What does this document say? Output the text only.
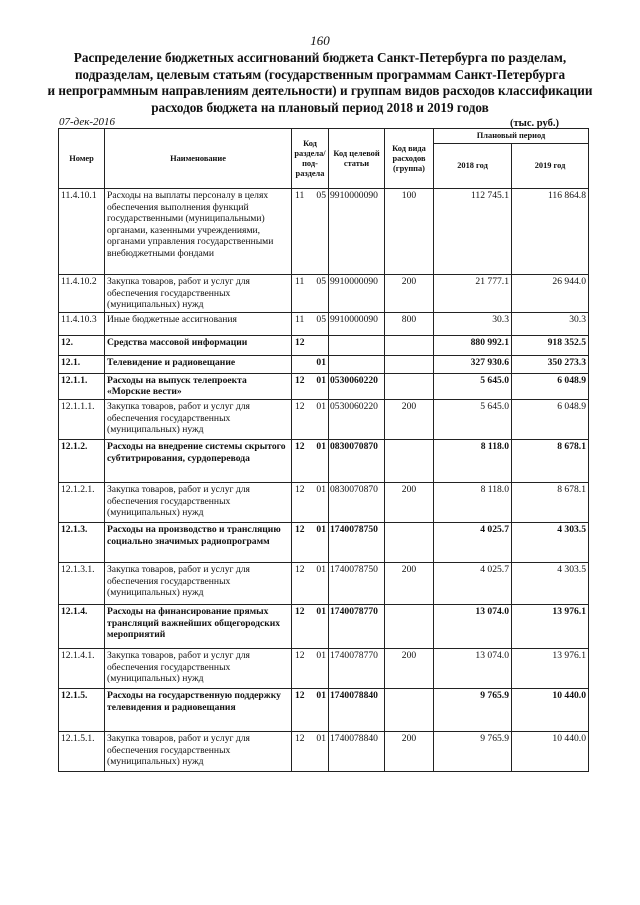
160
Распределение бюджетных ассигнований бюджета Санкт-Петербурга по разделам,
подразделам, целевым статьям (государственным программам Санкт-Петербурга
и непрограммным направлениям деятельности) и группам видов расходов классификации
расходов бюджета на плановый период 2018 и 2019 годов
07-дек-2016	(тыс. руб.)
Номер	Наименование	Код раздела/под-раздела	Код целевой статьи	Код вида расходов (группа)	Плановый период	
					2018 год	2019 год
11.4.10.1	Расходы на выплаты персоналу в целях обеспечения выполнения функций государственными (муниципальными) органами, казенными учреждениями, органами управления государственными внебюджетными фондами	11 05	9910000090	100	112 745.1	116 864.8
11.4.10.2	Закупка товаров, работ и услуг для обеспечения государственных (муниципальных) нужд	11 05	9910000090	200	21 777.1	26 944.0
11.4.10.3	Иные бюджетные ассигнования	11 05	9910000090	800	30.3	30.3
12.	Средства массовой информации	12			880 992.1	918 352.5
12.1.	Телевидение и радиовещание	01			327 930.6	350 273.3
12.1.1.	Расходы на выпуск телепроекта «Морские вести»	12 01	0530060220		5 645.0	6 048.9
12.1.1.1.	Закупка товаров, работ и услуг для обеспечения государственных (муниципальных) нужд	12 01	0530060220	200	5 645.0	6 048.9
12.1.2.	Расходы на внедрение системы скрытого субтитрирования, сурдоперевода	12 01	0830070870		8 118.0	8 678.1
12.1.2.1.	Закупка товаров, работ и услуг для обеспечения государственных (муниципальных) нужд	12 01	0830070870	200	8 118.0	8 678.1
12.1.3.	Расходы на производство и трансляцию социально значимых радиопрограмм	12 01	1740078750		4 025.7	4 303.5
12.1.3.1.	Закупка товаров, работ и услуг для обеспечения государственных (муниципальных) нужд	12 01	1740078750	200	4 025.7	4 303.5
12.1.4.	Расходы на финансирование прямых трансляций важнейших общегородских мероприятий	12 01	1740078770		13 074.0	13 976.1
12.1.4.1.	Закупка товаров, работ и услуг для обеспечения государственных (муниципальных) нужд	12 01	1740078770	200	13 074.0	13 976.1
12.1.5.	Расходы на государственную поддержку телевидения и радиовещания	12 01	1740078840		9 765.9	10 440.0
12.1.5.1.	Закупка товаров, работ и услуг для обеспечения государственных (муниципальных) нужд	12 01	1740078840	200	9 765.9	10 440.0
